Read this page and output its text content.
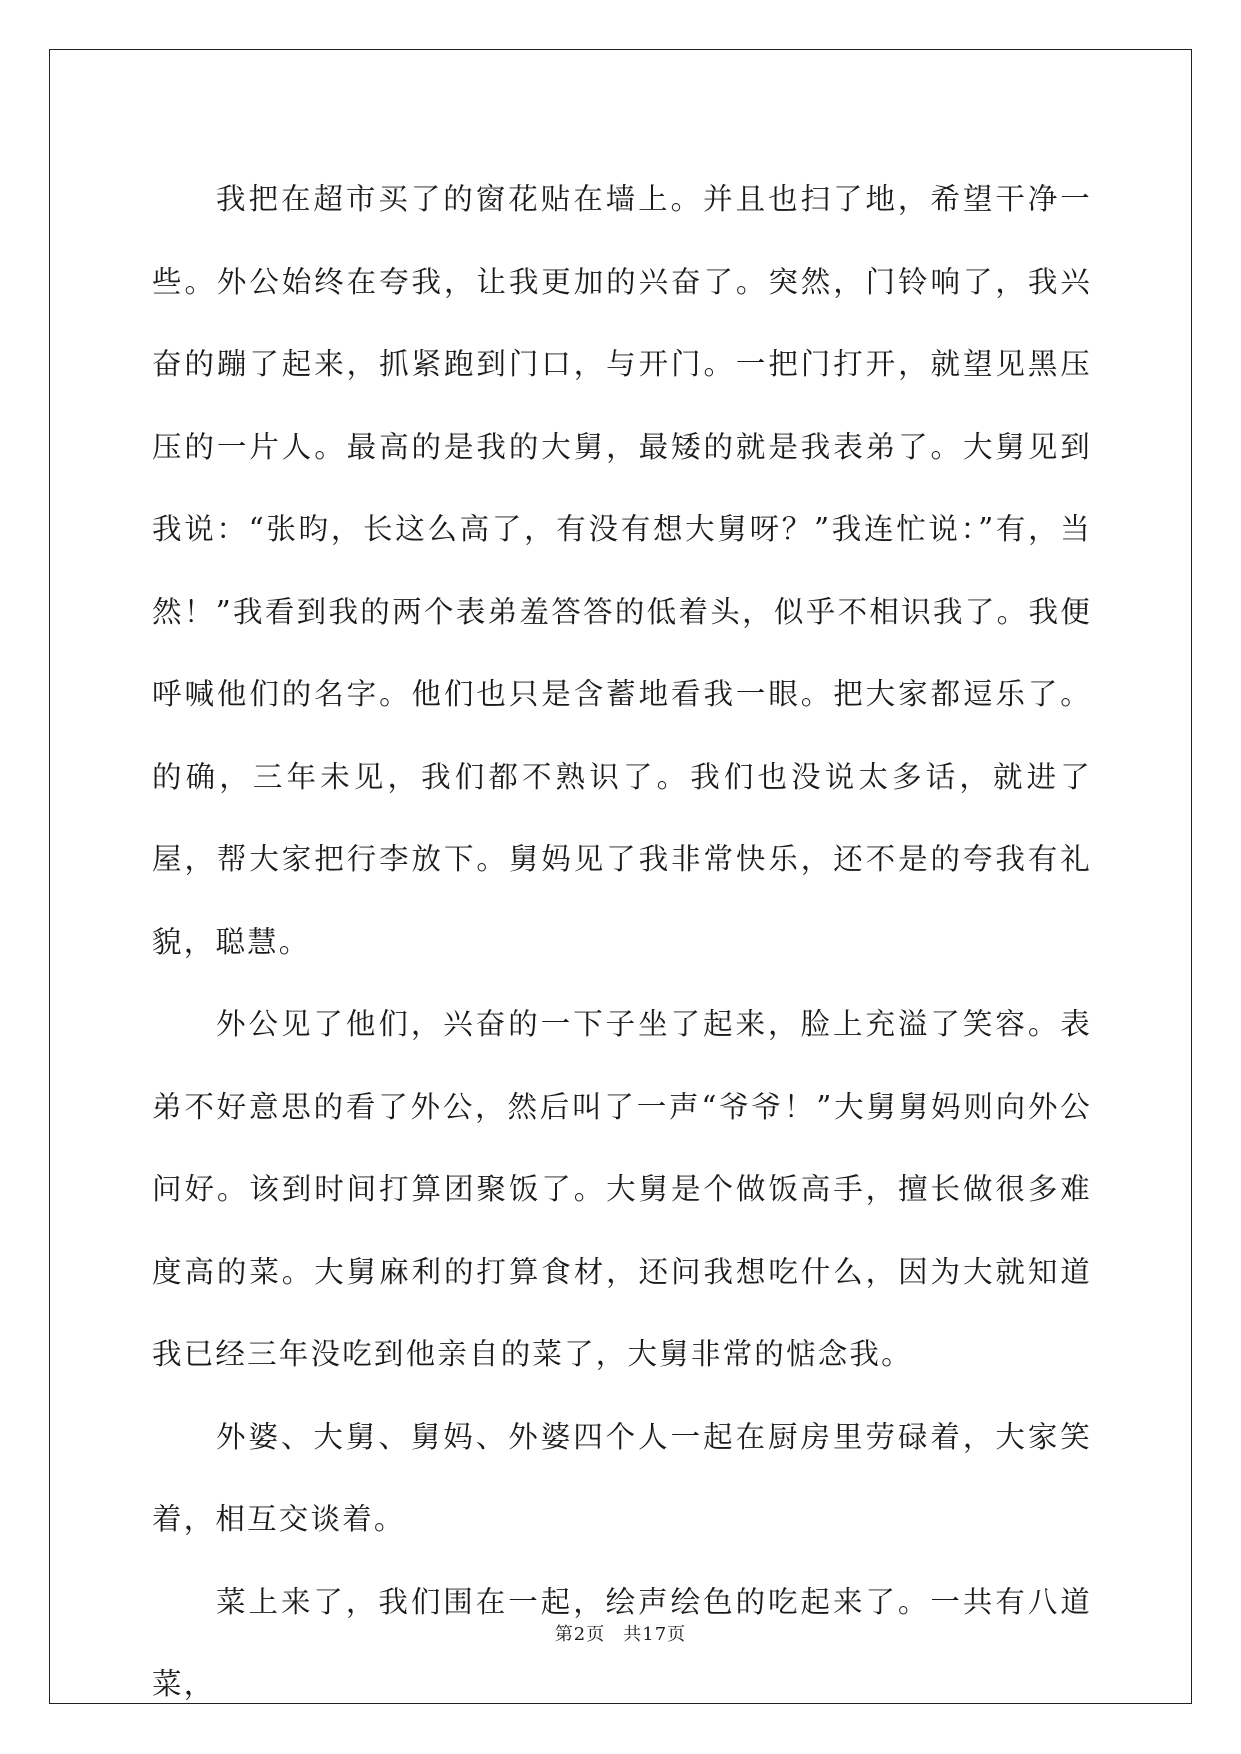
我把在超市买了的窗花贴在墙上。并且也扫了地，希望干净一些。外公始终在夸我，让我更加的兴奋了。突然，门铃响了，我兴奋的蹦了起来，抓紧跑到门口，与开门。一把门打开，就望见黑压压的一片人。最高的是我的大舅，最矮的就是我表弟了。大舅见到我说：“张昀，长这么高了，有没有想大舅呀？”我连忙说：”有，当然！”我看到我的两个表弟羞答答的低着头，似乎不相识我了。我便呼喊他们的名字。他们也只是含蓄地看我一眼。把大家都逗乐了。的确，三年未见，我们都不熟识了。我们也没说太多话，就进了屋，帮大家把行李放下。舅妈见了我非常快乐，还不是的夸我有礼貌，聪慧。

外公见了他们，兴奋的一下子坐了起来，脸上充溢了笑容。表弟不好意思的看了外公，然后叫了一声“爷爷！”大舅舅妈则向外公问好。该到时间打算团聚饭了。大舅是个做饭高手，擅长做很多难度高的菜。大舅麻利的打算食材，还问我想吃什么，因为大就知道我已经三年没吃到他亲自的菜了，大舅非常的惦念我。

外婆、大舅、舅妈、外婆四个人一起在厨房里劳碌着，大家笑着，相互交谈着。

菜上来了，我们围在一起，绘声绘色的吃起来了。一共有八道菜，

第2页 共17页
